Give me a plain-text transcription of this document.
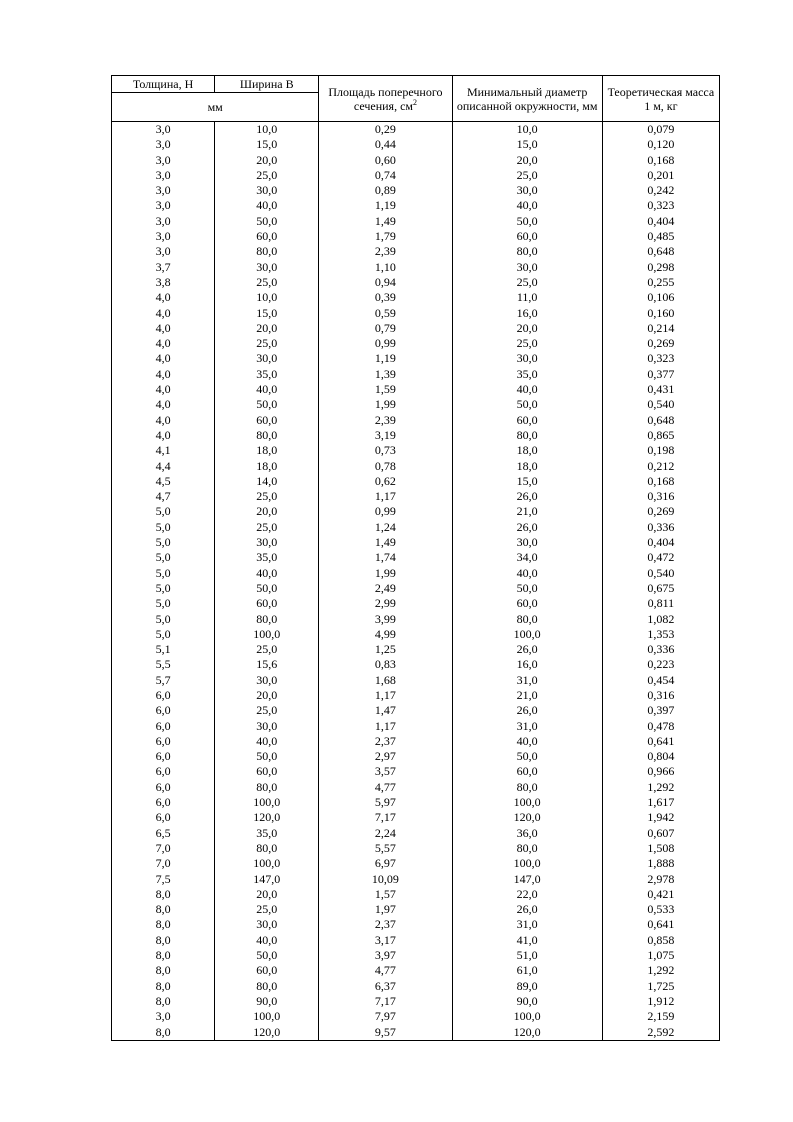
Толщина, Н	Ширина В	Площадь поперечного сечения, $см^2$	Минимальный диаметр описанной окружности, мм	Теоретическая масса 1 м, кг
мм				
3,0	10,0	0,29	10,0	0,079
3,0	15,0	0,44	15,0	0,120
3,0	20,0	0,60	20,0	0,168
3,0	25,0	0,74	25,0	0,201
3,0	30,0	0,89	30,0	0,242
3,0	40,0	1,19	40,0	0,323
3,0	50,0	1,49	50,0	0,404
3,0	60,0	1,79	60,0	0,485
3,0	80,0	2,39	80,0	0,648
3,7	30,0	1,10	30,0	0,298
3,8	25,0	0,94	25,0	0,255
4,0	10,0	0,39	11,0	0,106
4,0	15,0	0,59	16,0	0,160
4,0	20,0	0,79	20,0	0,214
4,0	25,0	0,99	25,0	0,269
4,0	30,0	1,19	30,0	0,323
4,0	35,0	1,39	35,0	0,377
4,0	40,0	1,59	40,0	0,431
4,0	50,0	1,99	50,0	0,540
4,0	60,0	2,39	60,0	0,648
4,0	80,0	3,19	80,0	0,865
4,1	18,0	0,73	18,0	0,198
4,4	18,0	0,78	18,0	0,212
4,5	14,0	0,62	15,0	0,168
4,7	25,0	1,17	26,0	0,316
5,0	20,0	0,99	21,0	0,269
5,0	25,0	1,24	26,0	0,336
5,0	30,0	1,49	30,0	0,404
5,0	35,0	1,74	34,0	0,472
5,0	40,0	1,99	40,0	0,540
5,0	50,0	2,49	50,0	0,675
5,0	60,0	2,99	60,0	0,811
5,0	80,0	3,99	80,0	1,082
5,0	100,0	4,99	100,0	1,353
5,1	25,0	1,25	26,0	0,336
5,5	15,6	0,83	16,0	0,223
5,7	30,0	1,68	31,0	0,454
6,0	20,0	1,17	21,0	0,316
6,0	25,0	1,47	26,0	0,397
6,0	30,0	1,17	31,0	0,478
6,0	40,0	2,37	40,0	0,641
6,0	50,0	2,97	50,0	0,804
6,0	60,0	3,57	60,0	0,966
6,0	80,0	4,77	80,0	1,292
6,0	100,0	5,97	100,0	1,617
6,0	120,0	7,17	120,0	1,942
6,5	35,0	2,24	36,0	0,607
7,0	80,0	5,57	80,0	1,508
7,0	100,0	6,97	100,0	1,888
7,5	147,0	10,09	147,0	2,978
8,0	20,0	1,57	22,0	0,421
8,0	25,0	1,97	26,0	0,533
8,0	30,0	2,37	31,0	0,641
8,0	40,0	3,17	41,0	0,858
8,0	50,0	3,97	51,0	1,075
8,0	60,0	4,77	61,0	1,292
8,0	80,0	6,37	89,0	1,725
8,0	90,0	7,17	90,0	1,912
3,0	100,0	7,97	100,0	2,159
8,0	120,0	9,57	120,0	2,592
